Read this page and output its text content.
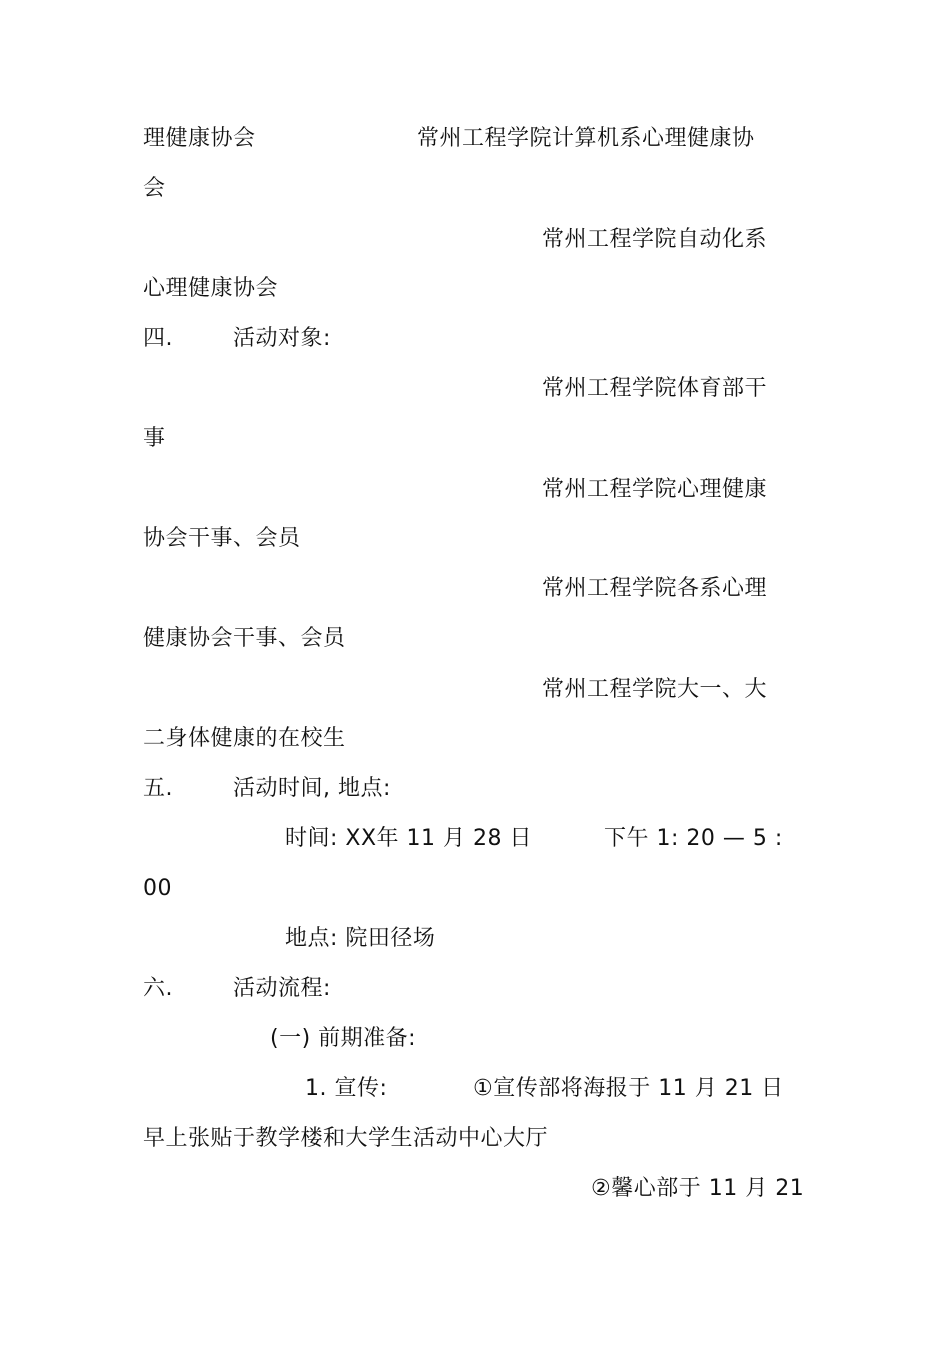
理健康协会	常州工程学院计算机系心理健康协
会
常州工程学院自动化系
心理健康协会
四.	活动对象:
常州工程学院体育部干
事
常州工程学院心理健康
协会干事、会员
常州工程学院各系心理
健康协会干事、会员
常州工程学院大一、大
二身体健康的在校生
五.	活动时间, 地点:
时间: XX年 11 月 28 日	下午 1: 20 — 5 :
00
地点: 院田径场
六.	活动流程:
(一) 前期准备:
1. 宣传:	①宣传部将海报于 11 月 21 日
早上张贴于教学楼和大学生活动中心大厅
②馨心部于 11 月 21
